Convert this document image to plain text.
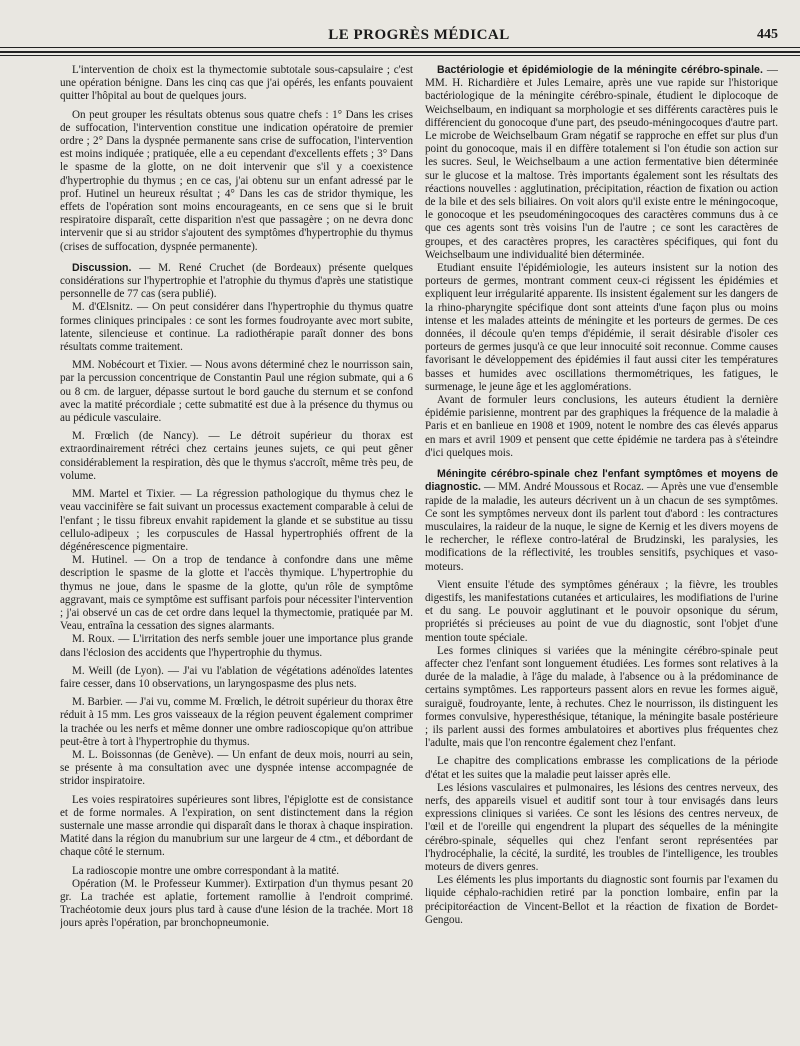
LE PROGRÈS MÉDICAL	445

L'intervention de choix est la thymectomie subtotale sous-capsulaire ; c'est une opération bénigne. Dans les cinq cas que j'ai opérés, les enfants pouvaient quitter l'hôpital au bout de quelques jours.

On peut grouper les résultats obtenus sous quatre chefs : 1° Dans les crises de suffocation, l'intervention constitue une indication opératoire de premier ordre ; 2° Dans la dyspnée permanente sans crise de suffocation, l'intervention est moins indiquée ; pratiquée, elle a eu cependant d'excellents effets ; 3° Dans le spasme de la glotte, on ne doit intervenir que s'il y a coexistence d'hypertrophie du thymus ; en ce cas, j'ai obtenu sur un enfant adressé par le prof. Hutinel un heureux résultat ; 4° Dans les cas de stridor thymique, les effets de l'opération sont moins encourageants, en ce sens que si le bruit respiratoire disparaît, cette disparition n'est que passagère ; on ne devra donc intervenir que si au stridor s'ajoutent des symptômes d'hypertrophie du thymus (crises de suffocation, dyspnée permanente).

Discussion. — M. René Cruchet (de Bordeaux) présente quelques considérations sur l'hypertrophie et l'atrophie du thymus d'après une statistique personnelle de 77 cas (sera publié).

M. d'Œlsnitz. — On peut considérer dans l'hypertrophie du thymus quatre formes cliniques principales : ce sont les formes foudroyante avec mort subite, latente, silencieuse et continue. La radiothérapie paraît donner des bons résultats comme traitement.

MM. Nobécourt et Tixier. — Nous avons déterminé chez le nourrisson sain, par la percussion concentrique de Constantin Paul une région submate, qui a 6 ou 8 cm. de larguer, dépasse surtout le bord gauche du sternum et se confond avec la matité précordiale ; cette submatité est due à la présence du thymus ou au pédicule vasculaire.

M. Frœlich (de Nancy). — Le détroit supérieur du thorax est extraordinairement rétréci chez certains jeunes sujets, ce qui peut gêner considérablement la respiration, dès que le thymus s'accroît, même très peu, de volume.

MM. Martel et Tixier. — La régression pathologique du thymus chez le veau vaccinifère se fait suivant un processus exactement comparable à celui de l'enfant ; le tissu fibreux envahit rapidement la glande et se substitue au tissu cellulo-adipeux ; les corpuscules de Hassal hypertrophiés offrent de la dégénérescence pigmentaire.

M. Hutinel. — On a trop de tendance à confondre dans une même description le spasme de la glotte et l'accès thymique. L'hypertrophie du thymus ne joue, dans le spasme de la glotte, qu'un rôle de symptôme aggravant, mais ce symptôme est suffisant parfois pour nécessiter l'intervention ; j'ai observé un cas de cet ordre dans lequel la thymectomie, pratiquée par M. Veau, entraîna la cessation des signes alarmants.

M. Roux. — L'irritation des nerfs semble jouer une importance plus grande dans l'éclosion des accidents que l'hypertrophie du thymus.

M. Weill (de Lyon). — J'ai vu l'ablation de végétations adénoïdes latentes faire cesser, dans 10 observations, un laryngospasme des plus nets.

M. Barbier. — J'ai vu, comme M. Frœlich, le détroit supérieur du thorax être réduit à 15 mm. Les gros vaisseaux de la région peuvent également comprimer la trachée ou les nerfs et même donner une ombre radioscopique qu'on attribue peut-être à tort à l'hypertrophie du thymus.

M. L. Boissonnas (de Genève). — Un enfant de deux mois, nourri au sein, se présente à ma consultation avec une dyspnée intense accompagnée de stridor inspiratoire.

Les voies respiratoires supérieures sont libres, l'épiglotte est de consistance et de forme normales. A l'expiration, on sent distinctement dans la région susternale une masse arrondie qui disparaît dans le thorax à chaque inspiration. Matité dans la région du manubrium sur une largeur de 4 ctm., et débordant de chaque côté le sternum.

La radioscopie montre une ombre correspondant à la matité.

Opération (M. le Professeur Kummer). Extirpation d'un thymus pesant 20 gr. La trachée est aplatie, fortement ramollie à l'endroit comprimé. Trachéotomie deux jours plus tard à cause d'une lésion de la trachée. Mort 18 jours après l'opération, par bronchopneumonie.

Bactériologie et épidémiologie de la méningite cérébro-spinale. — MM. H. Richardière et Jules Lemaire, après une vue rapide sur l'historique bactériologique de la méningite cérébro-spinale, étudient le diplocoque de Weichselbaum, en indiquant sa morphologie et ses différents caractères puis le différencient du gonocoque d'une part, des pseudo-méningocoques d'autre part. Le microbe de Weichselbaum Gram négatif se rapproche en effet sur plus d'un point du gonocoque, mais il en diffère totalement si l'on étudie son action sur les sucres. Seul, le Weichselbaum a une action fermentative bien déterminée sur le glucose et la maltose. Très importants également sont les résultats des réactions nouvelles : agglutination, précipitation, réaction de fixation ou action de la bile et des sels biliaires. On voit alors qu'il existe entre le méningocoque, le gonocoque et les pseudoméningocoques des caractères communs dus à ce que ces agents sont très voisins l'un de l'autre ; ce sont les caractères de groupes, et des caractères propres, les caractères spécifiques, qui font du Weichselbaum une individualité bien déterminée.

Etudiant ensuite l'épidémiologie, les auteurs insistent sur la notion des porteurs de germes, montrant comment ceux-ci régissent les épidémies et expliquent leur irrégularité apparente. Ils insistent également sur les dangers de la rhino-pharyngite spécifique dont sont atteints d'une façon plus ou moins intense et les malades atteints de méningite et les porteurs de germes. De ces données, il découle qu'en temps d'épidémie, il serait désirable d'isoler ces porteurs de germes jusqu'à ce que leur innocuité soit reconnue. Comme causes favorisant le développement des épidémies il faut aussi citer les températures basses et humides avec oscillations thermométriques, les fatigues, le surmenage, le jeune âge et les agglomérations.

Avant de formuler leurs conclusions, les auteurs étudient la dernière épidémie parisienne, montrent par des graphiques la fréquence de la maladie à Paris et en banlieue en 1908 et 1909, notent le nombre des cas élevés apparus en mars et avril 1909 et pensent que cette épidémie ne tardera pas à s'éteindre d'ici quelques mois.

Méningite cérébro-spinale chez l'enfant symptômes et moyens de diagnostic. — MM. André Moussous et Rocaz. — Après une vue d'ensemble rapide de la maladie, les auteurs décrivent un à un chacun de ses symptômes. Ce sont les symptômes nerveux dont ils parlent tout d'abord : les contractures musculaires, la raideur de la nuque, le signe de Kernig et les divers moyens de le rechercher, le réflexe contro-latéral de Brudzinski, les paralysies, les modifications de la réflectivité, les troubles sensitifs, psychiques et vaso-moteurs.

Vient ensuite l'étude des symptômes généraux ; la fièvre, les troubles digestifs, les manifestations cutanées et articulaires, les modifiations de l'urine et du sang. Le pouvoir agglutinant et le pouvoir opsonique du sérum, propriétés si précieuses au point de vue du diagnostic, sont l'objet d'une mention toute spéciale.

Les formes cliniques si variées que la méningite cérébro-spinale peut affecter chez l'enfant sont longuement étudiées. Les formes sont relatives à la durée de la maladie, à l'âge du malade, à l'absence ou à la prédominance de certains symptômes. Les rapporteurs passent alors en revue les formes aiguë, suraiguë, foudroyante, lente, à rechutes. Chez le nourrisson, ils distinguent les formes convulsive, hyperesthésique, tétanique, la méningite basale postérieure ; ils parlent aussi des formes ambulatoires et abortives plus fréquentes chez l'adulte, mais que l'on rencontre également chez l'enfant.

Le chapitre des complications embrasse les complications de la période d'état et les suites que la maladie peut laisser après elle.

Les lésions vasculaires et pulmonaires, les lésions des centres nerveux, des nerfs, des appareils visuel et auditif sont tour à tour envisagés dans leurs expressions cliniques si variées. Ce sont les lésions des centres nerveux, de l'œil et de l'oreille qui engendrent la plupart des séquelles de la méningite cérébro-spinale, séquelles qui chez l'enfant seront représentées par l'hydrocéphalie, la cécité, la surdité, les troubles de l'intelligence, les troubles moteurs de divers genres.

Les éléments les plus importants du diagnostic sont fournis par l'examen du liquide céphalo-rachidien retiré par la ponction lombaire, enfin par la précipitoréaction de Vincent-Bellot et la réaction de fixation de Bordet-Gengou.
